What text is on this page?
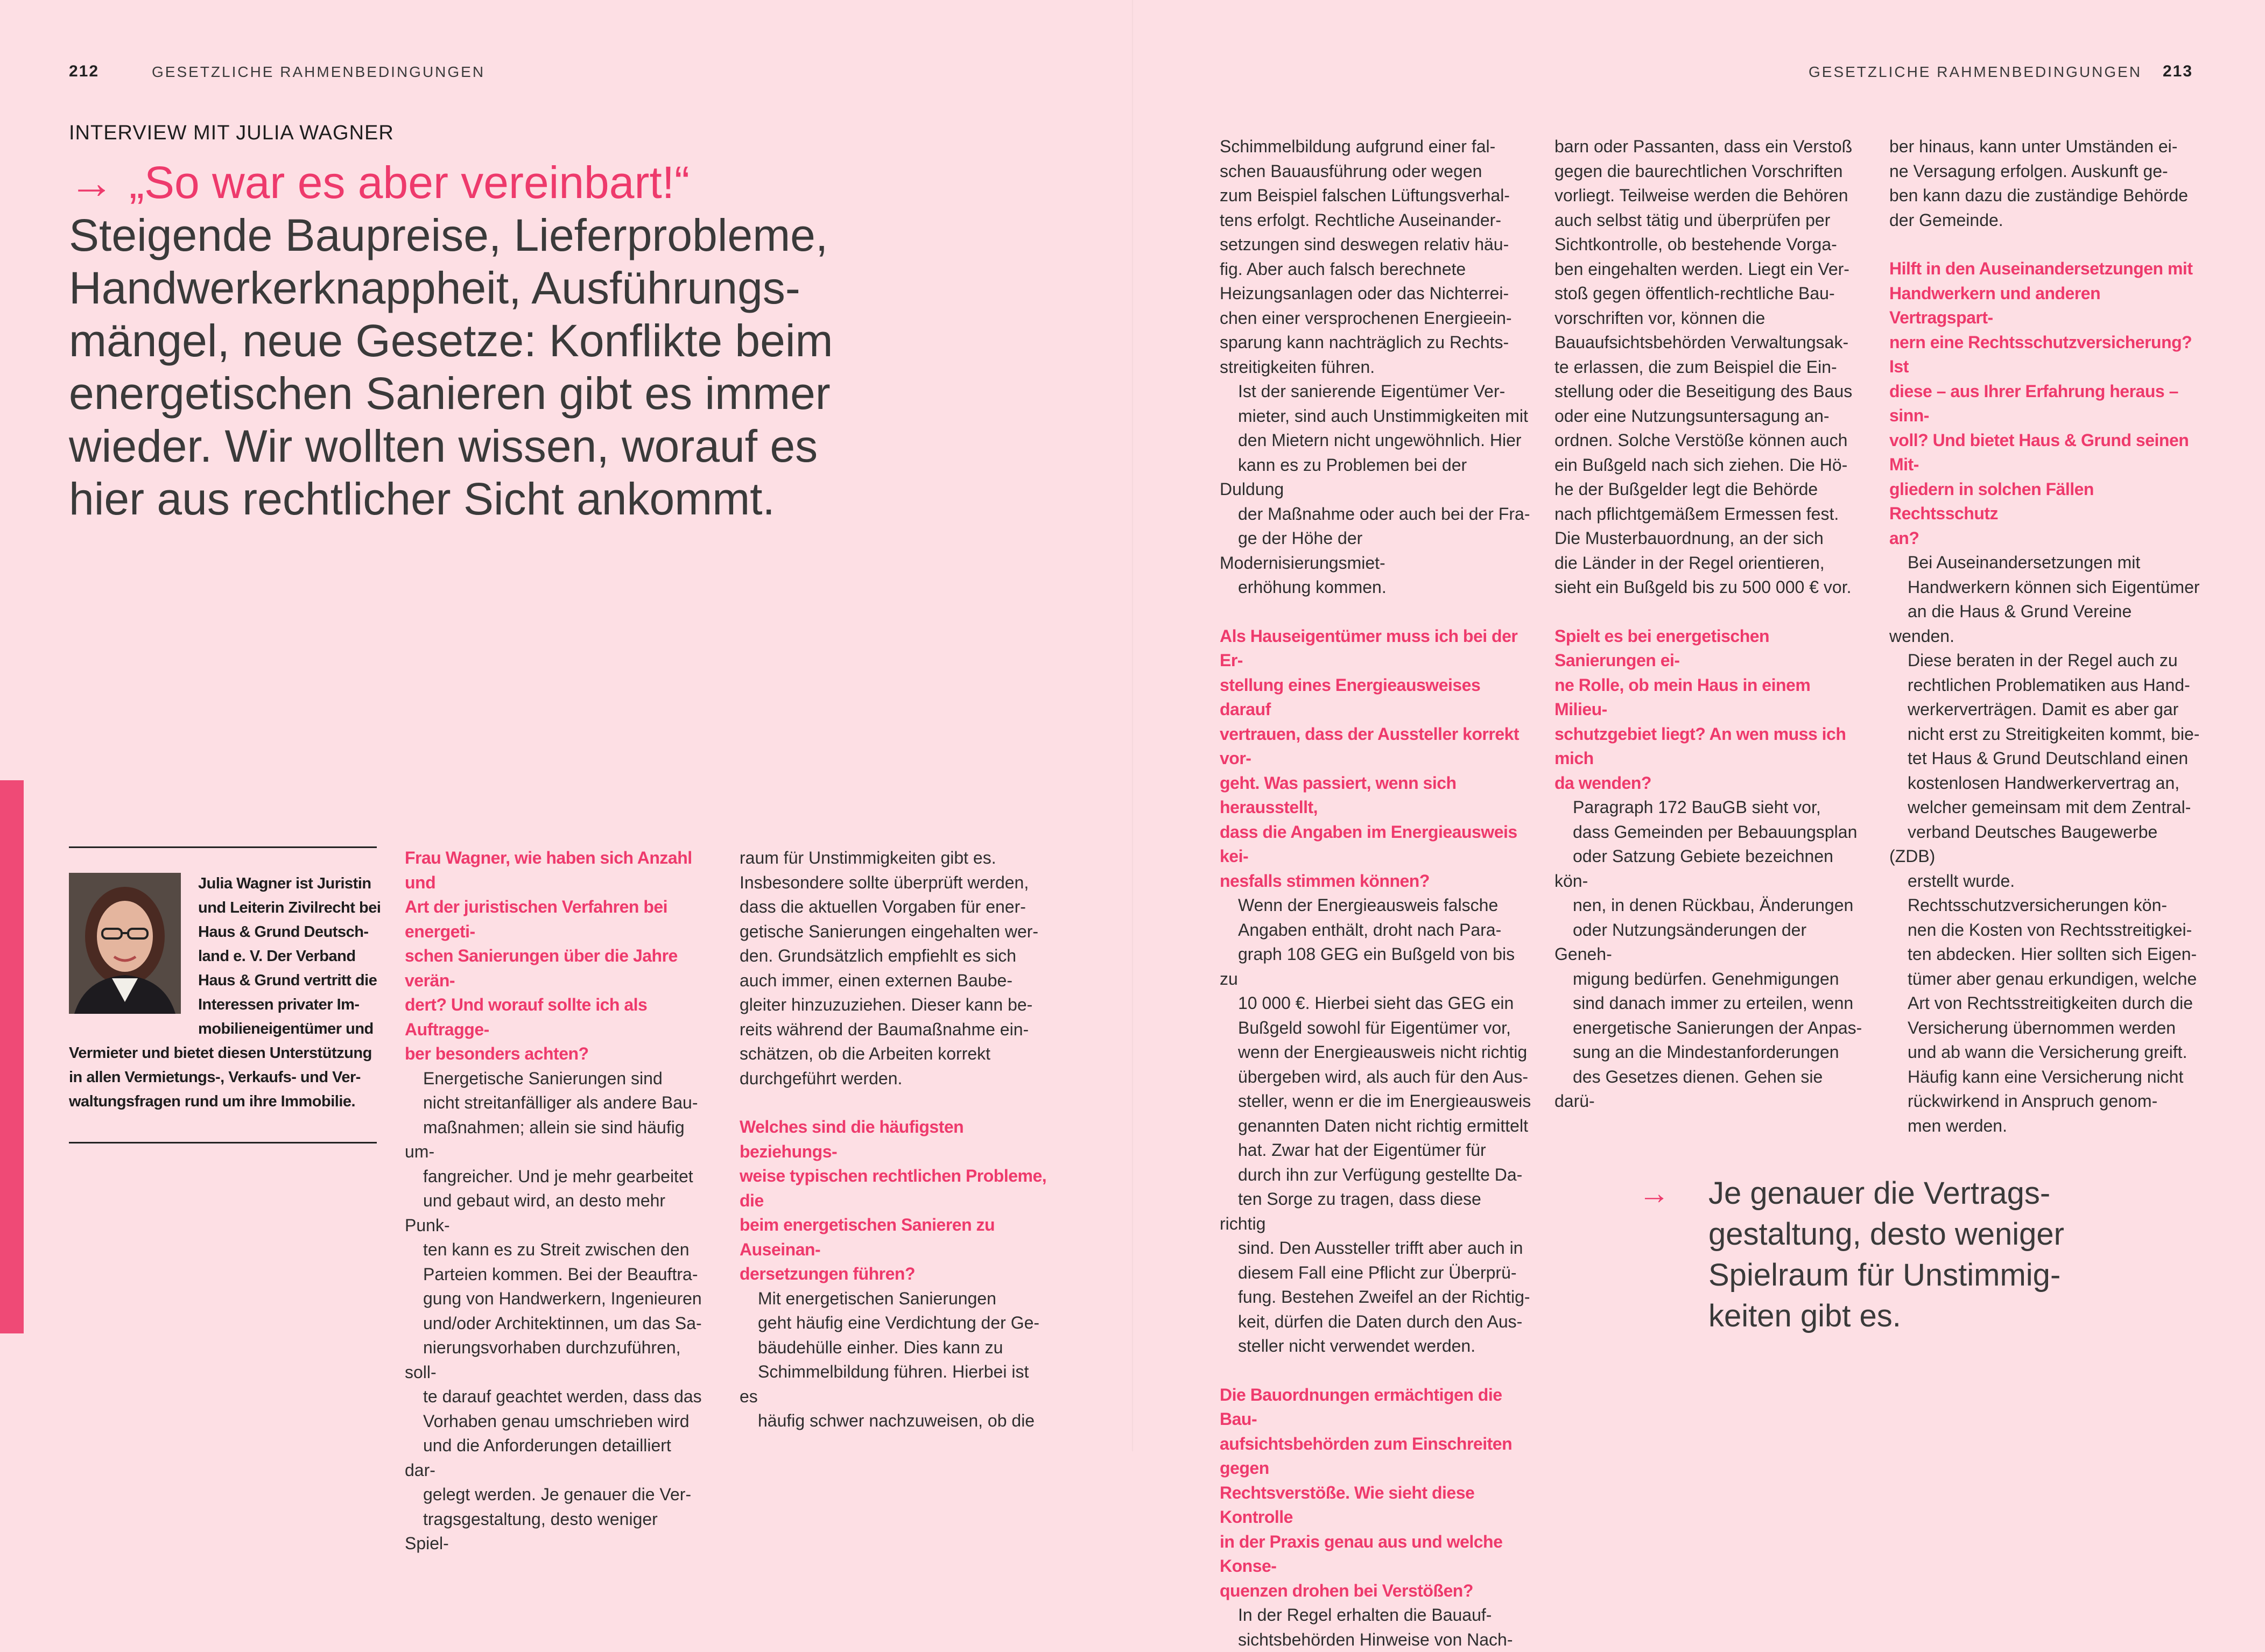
212	GESETZLICHE RAHMENBEDINGUNGEN	GESETZLICHE RAHMENBEDINGUNGEN 213
INTERVIEW MIT JULIA WAGNER
→ „So war es aber vereinbart!“
Steigende Baupreise, Lieferprobleme,
Handwerkerknappheit, Ausführungs-
mängel, neue Gesetze: Konflikte beim
energetischen Sanieren gibt es immer
wieder. Wir wollten wissen, worauf es
hier aus rechtlicher Sicht ankommt.
Julia Wagner ist Juristin
und Leiterin Zivilrecht bei
Haus & Grund Deutsch-
land e. V. Der Verband
Haus & Grund vertritt die
Interessen privater Im-
mobilieneigentümer und
Vermieter und bietet diesen Unterstützung
in allen Vermietungs-, Verkaufs- und Ver-
waltungsfragen rund um ihre Immobilie.

Frau Wagner, wie haben sich Anzahl und
Art der juristischen Verfahren bei energeti-
schen Sanierungen über die Jahre verän-
dert? Und worauf sollte ich als Auftragge-
ber besonders achten?

Energetische Sanierungen sind
nicht streitanfälliger als andere Bau-
maßnahmen; allein sie sind häufig um-
fangreicher. Und je mehr gearbeitet
und gebaut wird, an desto mehr Punk-
ten kann es zu Streit zwischen den
Parteien kommen. Bei der Beauftra-
gung von Handwerkern, Ingenieuren
und/oder Architektinnen, um das Sa-
nierungsvorhaben durchzuführen, soll-
te darauf geachtet werden, dass das
Vorhaben genau umschrieben wird
und die Anforderungen detailliert dar-
gelegt werden. Je genauer die Ver-
tragsgestaltung, desto weniger Spiel-

raum für Unstimmigkeiten gibt es.
Insbesondere sollte überprüft werden,
dass die aktuellen Vorgaben für ener-
getische Sanierungen eingehalten wer-
den. Grundsätzlich empfiehlt es sich
auch immer, einen externen Baube-
gleiter hinzuzuziehen. Dieser kann be-
reits während der Baumaßnahme ein-
schätzen, ob die Arbeiten korrekt
durchgeführt werden.

Welches sind die häufigsten beziehungs-
weise typischen rechtlichen Probleme, die
beim energetischen Sanieren zu Auseinan-
dersetzungen führen?

Mit energetischen Sanierungen
geht häufig eine Verdichtung der Ge-
bäudehülle einher. Dies kann zu
Schimmelbildung führen. Hierbei ist es
häufig schwer nachzuweisen, ob die

Schimmelbildung aufgrund einer fal-
schen Bauausführung oder wegen
zum Beispiel falschen Lüftungsverhal-
tens erfolgt. Rechtliche Auseinander-
setzungen sind deswegen relativ häu-
fig. Aber auch falsch berechnete
Heizungsanlagen oder das Nichterrei-
chen einer versprochenen Energieein-
sparung kann nachträglich zu Rechts-
streitigkeiten führen.

Ist der sanierende Eigentümer Ver-
mieter, sind auch Unstimmigkeiten mit
den Mietern nicht ungewöhnlich. Hier
kann es zu Problemen bei der Duldung
der Maßnahme oder auch bei der Fra-
ge der Höhe der Modernisierungsmiet-
erhöhung kommen.

Als Hauseigentümer muss ich bei der Er-
stellung eines Energieausweises darauf
vertrauen, dass der Aussteller korrekt vor-
geht. Was passiert, wenn sich herausstellt,
dass die Angaben im Energieausweis kei-
nesfalls stimmen können?

Wenn der Energieausweis falsche
Angaben enthält, droht nach Para-
graph 108 GEG ein Bußgeld von bis zu
10 000 €. Hierbei sieht das GEG ein
Bußgeld sowohl für Eigentümer vor,
wenn der Energieausweis nicht richtig
übergeben wird, als auch für den Aus-
steller, wenn er die im Energieausweis
genannten Daten nicht richtig ermittelt
hat. Zwar hat der Eigentümer für
durch ihn zur Verfügung gestellte Da-
ten Sorge zu tragen, dass diese richtig
sind. Den Aussteller trifft aber auch in
diesem Fall eine Pflicht zur Überprü-
fung. Bestehen Zweifel an der Richtig-
keit, dürfen die Daten durch den Aus-
steller nicht verwendet werden.

Die Bauordnungen ermächtigen die Bau-
aufsichtsbehörden zum Einschreiten gegen
Rechtsverstöße. Wie sieht diese Kontrolle
in der Praxis genau aus und welche Konse-
quenzen drohen bei Verstößen?

In der Regel erhalten die Bauauf-
sichtsbehörden Hinweise von Nach-

barn oder Passanten, dass ein Verstoß
gegen die baurechtlichen Vorschriften
vorliegt. Teilweise werden die Behören
auch selbst tätig und überprüfen per
Sichtkontrolle, ob bestehende Vorga-
ben eingehalten werden. Liegt ein Ver-
stoß gegen öffentlich-rechtliche Bau-
vorschriften vor, können die
Bauaufsichtsbehörden Verwaltungsak-
te erlassen, die zum Beispiel die Ein-
stellung oder die Beseitigung des Baus
oder eine Nutzungsuntersagung an-
ordnen. Solche Verstöße können auch
ein Bußgeld nach sich ziehen. Die Hö-
he der Bußgelder legt die Behörde
nach pflichtgemäßem Ermessen fest.
Die Musterbauordnung, an der sich
die Länder in der Regel orientieren,
sieht ein Bußgeld bis zu 500 000 € vor.

Spielt es bei energetischen Sanierungen ei-
ne Rolle, ob mein Haus in einem Milieu-
schutzgebiet liegt? An wen muss ich mich
da wenden?

Paragraph 172 BauGB sieht vor,
dass Gemeinden per Bebauungsplan
oder Satzung Gebiete bezeichnen kön-
nen, in denen Rückbau, Änderungen
oder Nutzungsänderungen der Geneh-
migung bedürfen. Genehmigungen
sind danach immer zu erteilen, wenn
energetische Sanierungen der Anpas-
sung an die Mindestanforderungen
des Gesetzes dienen. Gehen sie darü-

ber hinaus, kann unter Umständen ei-
ne Versagung erfolgen. Auskunft ge-
ben kann dazu die zuständige Behörde
der Gemeinde.

Hilft in den Auseinandersetzungen mit
Handwerkern und anderen Vertragspart-
nern eine Rechtsschutzversicherung? Ist
diese – aus Ihrer Erfahrung heraus – sinn-
voll? Und bietet Haus & Grund seinen Mit-
gliedern in solchen Fällen Rechtsschutz
an?

Bei Auseinandersetzungen mit
Handwerkern können sich Eigentümer
an die Haus & Grund Vereine wenden.
Diese beraten in der Regel auch zu
rechtlichen Problematiken aus Hand-
werkerverträgen. Damit es aber gar
nicht erst zu Streitigkeiten kommt, bie-
tet Haus & Grund Deutschland einen
kostenlosen Handwerkervertrag an,
welcher gemeinsam mit dem Zentral-
verband Deutsches Baugewerbe (ZDB)
erstellt wurde.

Rechtsschutzversicherungen kön-
nen die Kosten von Rechtsstreitigkei-
ten abdecken. Hier sollten sich Eigen-
tümer aber genau erkundigen, welche
Art von Rechtsstreitigkeiten durch die
Versicherung übernommen werden
und ab wann die Versicherung greift.
Häufig kann eine Versicherung nicht
rückwirkend in Anspruch genom-
men werden.

→ Je genauer die Vertrags-
gestaltung, desto weniger
Spielraum für Unstimmig-
keiten gibt es.
